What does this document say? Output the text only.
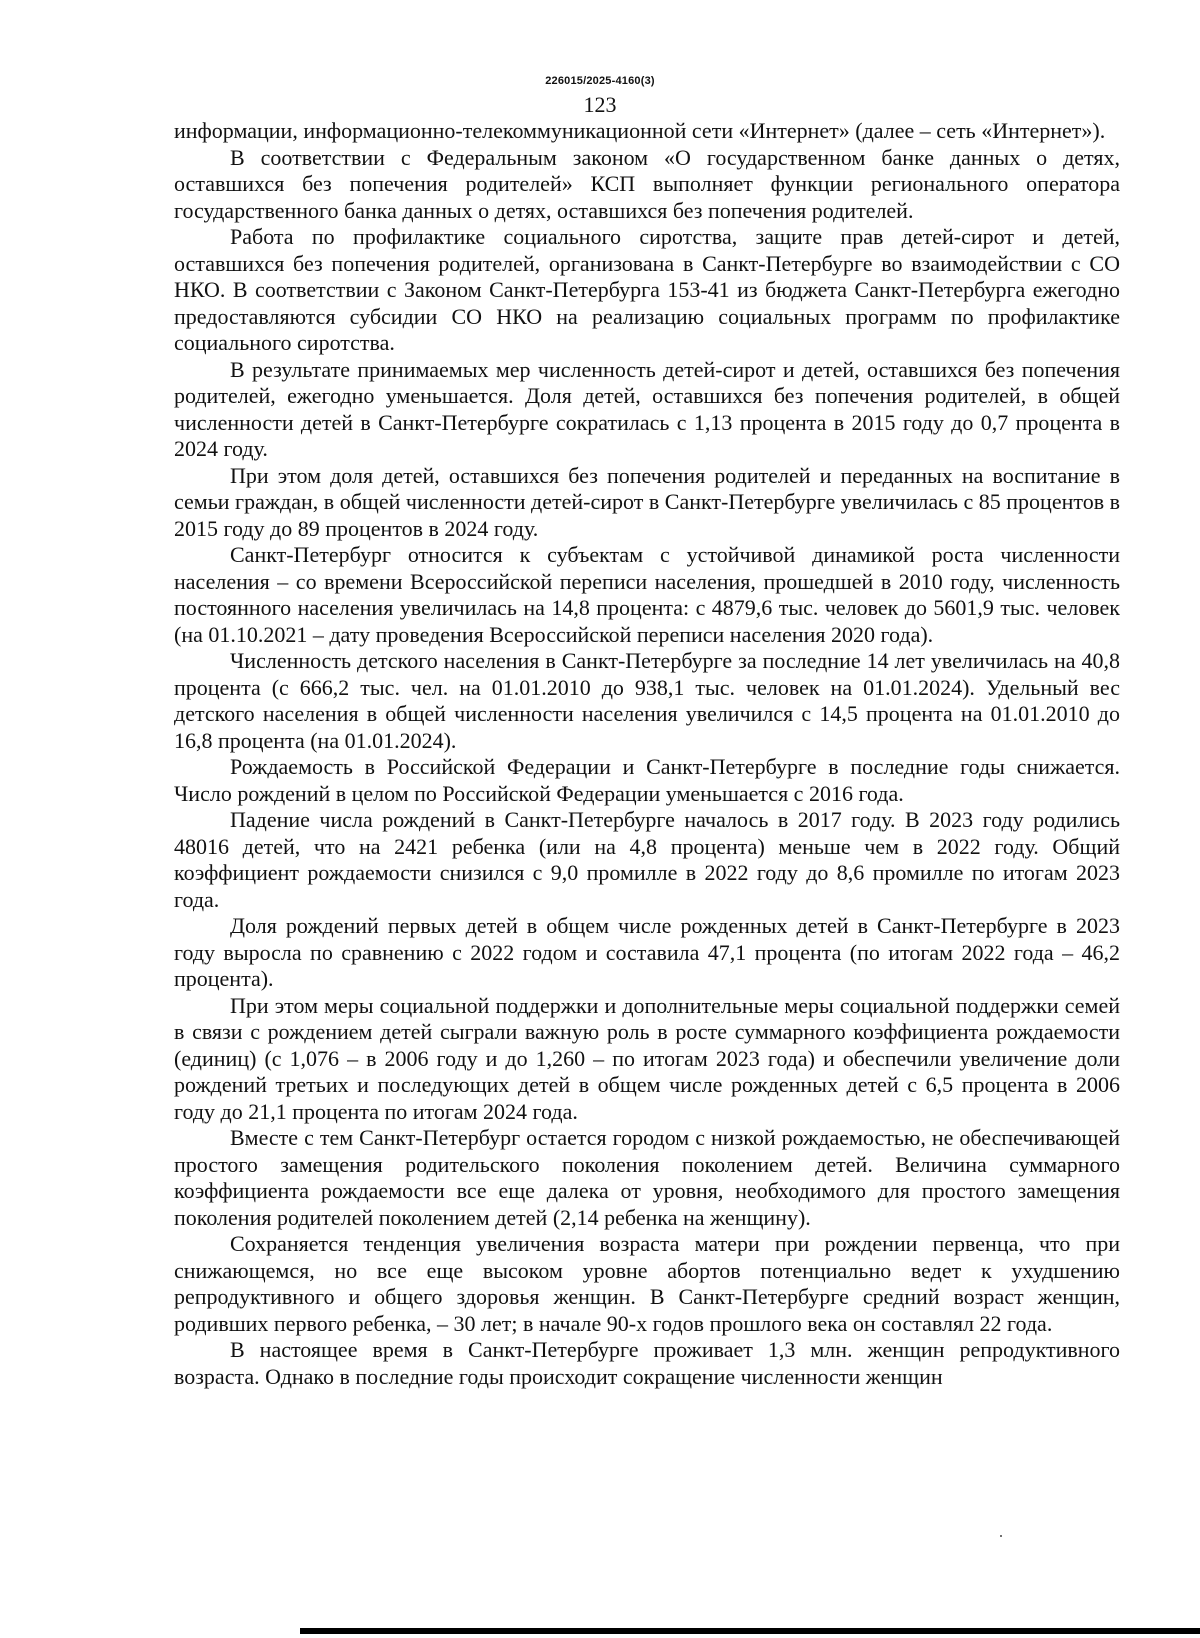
226015/2025-4160(3)
123

информации, информационно-телекоммуникационной сети «Интернет» (далее – сеть «Интернет»).

В соответствии с Федеральным законом «О государственном банке данных о детях, оставшихся без попечения родителей» КСП выполняет функции регионального оператора государственного банка данных о детях, оставшихся без попечения родителей.

Работа по профилактике социального сиротства, защите прав детей-сирот и детей, оставшихся без попечения родителей, организована в Санкт-Петербурге во взаимодействии с СО НКО. В соответствии с Законом Санкт-Петербурга 153-41 из бюджета Санкт-Петербурга ежегодно предоставляются субсидии СО НКО на реализацию социальных программ по профилактике социального сиротства.

В результате принимаемых мер численность детей-сирот и детей, оставшихся без попечения родителей, ежегодно уменьшается. Доля детей, оставшихся без попечения родителей, в общей численности детей в Санкт-Петербурге сократилась с 1,13 процента в 2015 году до 0,7 процента в 2024 году.

При этом доля детей, оставшихся без попечения родителей и переданных на воспитание в семьи граждан, в общей численности детей-сирот в Санкт-Петербурге увеличилась с 85 процентов в 2015 году до 89 процентов в 2024 году.

Санкт-Петербург относится к субъектам с устойчивой динамикой роста численности населения – со времени Всероссийской переписи населения, прошедшей в 2010 году, численность постоянного населения увеличилась на 14,8 процента: с 4879,6 тыс. человек до 5601,9 тыс. человек (на 01.10.2021 – дату проведения Всероссийской переписи населения 2020 года).

Численность детского населения в Санкт-Петербурге за последние 14 лет увеличилась на 40,8 процента (с 666,2 тыс. чел. на 01.01.2010 до 938,1 тыс. человек на 01.01.2024). Удельный вес детского населения в общей численности населения увеличился с 14,5 процента на 01.01.2010 до 16,8 процента (на 01.01.2024).

Рождаемость в Российской Федерации и Санкт-Петербурге в последние годы снижается. Число рождений в целом по Российской Федерации уменьшается с 2016 года.

Падение числа рождений в Санкт-Петербурге началось в 2017 году. В 2023 году родились 48016 детей, что на 2421 ребенка (или на 4,8 процента) меньше чем в 2022 году. Общий коэффициент рождаемости снизился с 9,0 промилле в 2022 году до 8,6 промилле по итогам 2023 года.

Доля рождений первых детей в общем числе рожденных детей в Санкт-Петербурге в 2023 году выросла по сравнению с 2022 годом и составила 47,1 процента (по итогам 2022 года – 46,2 процента).

При этом меры социальной поддержки и дополнительные меры социальной поддержки семей в связи с рождением детей сыграли важную роль в росте суммарного коэффициента рождаемости (единиц) (с 1,076 – в 2006 году и до 1,260 – по итогам 2023 года) и обеспечили увеличение доли рождений третьих и последующих детей в общем числе рожденных детей с 6,5 процента в 2006 году до 21,1 процента по итогам 2024 года.

Вместе с тем Санкт-Петербург остается городом с низкой рождаемостью, не обеспечивающей простого замещения родительского поколения поколением детей. Величина суммарного коэффициента рождаемости все еще далека от уровня, необходимого для простого замещения поколения родителей поколением детей (2,14 ребенка на женщину).

Сохраняется тенденция увеличения возраста матери при рождении первенца, что при снижающемся, но все еще высоком уровне абортов потенциально ведет к ухудшению репродуктивного и общего здоровья женщин. В Санкт-Петербурге средний возраст женщин, родивших первого ребенка, – 30 лет; в начале 90-х годов прошлого века он составлял 22 года.

В настоящее время в Санкт-Петербурге проживает 1,3 млн. женщин репродуктивного возраста. Однако в последние годы происходит сокращение численности женщин
